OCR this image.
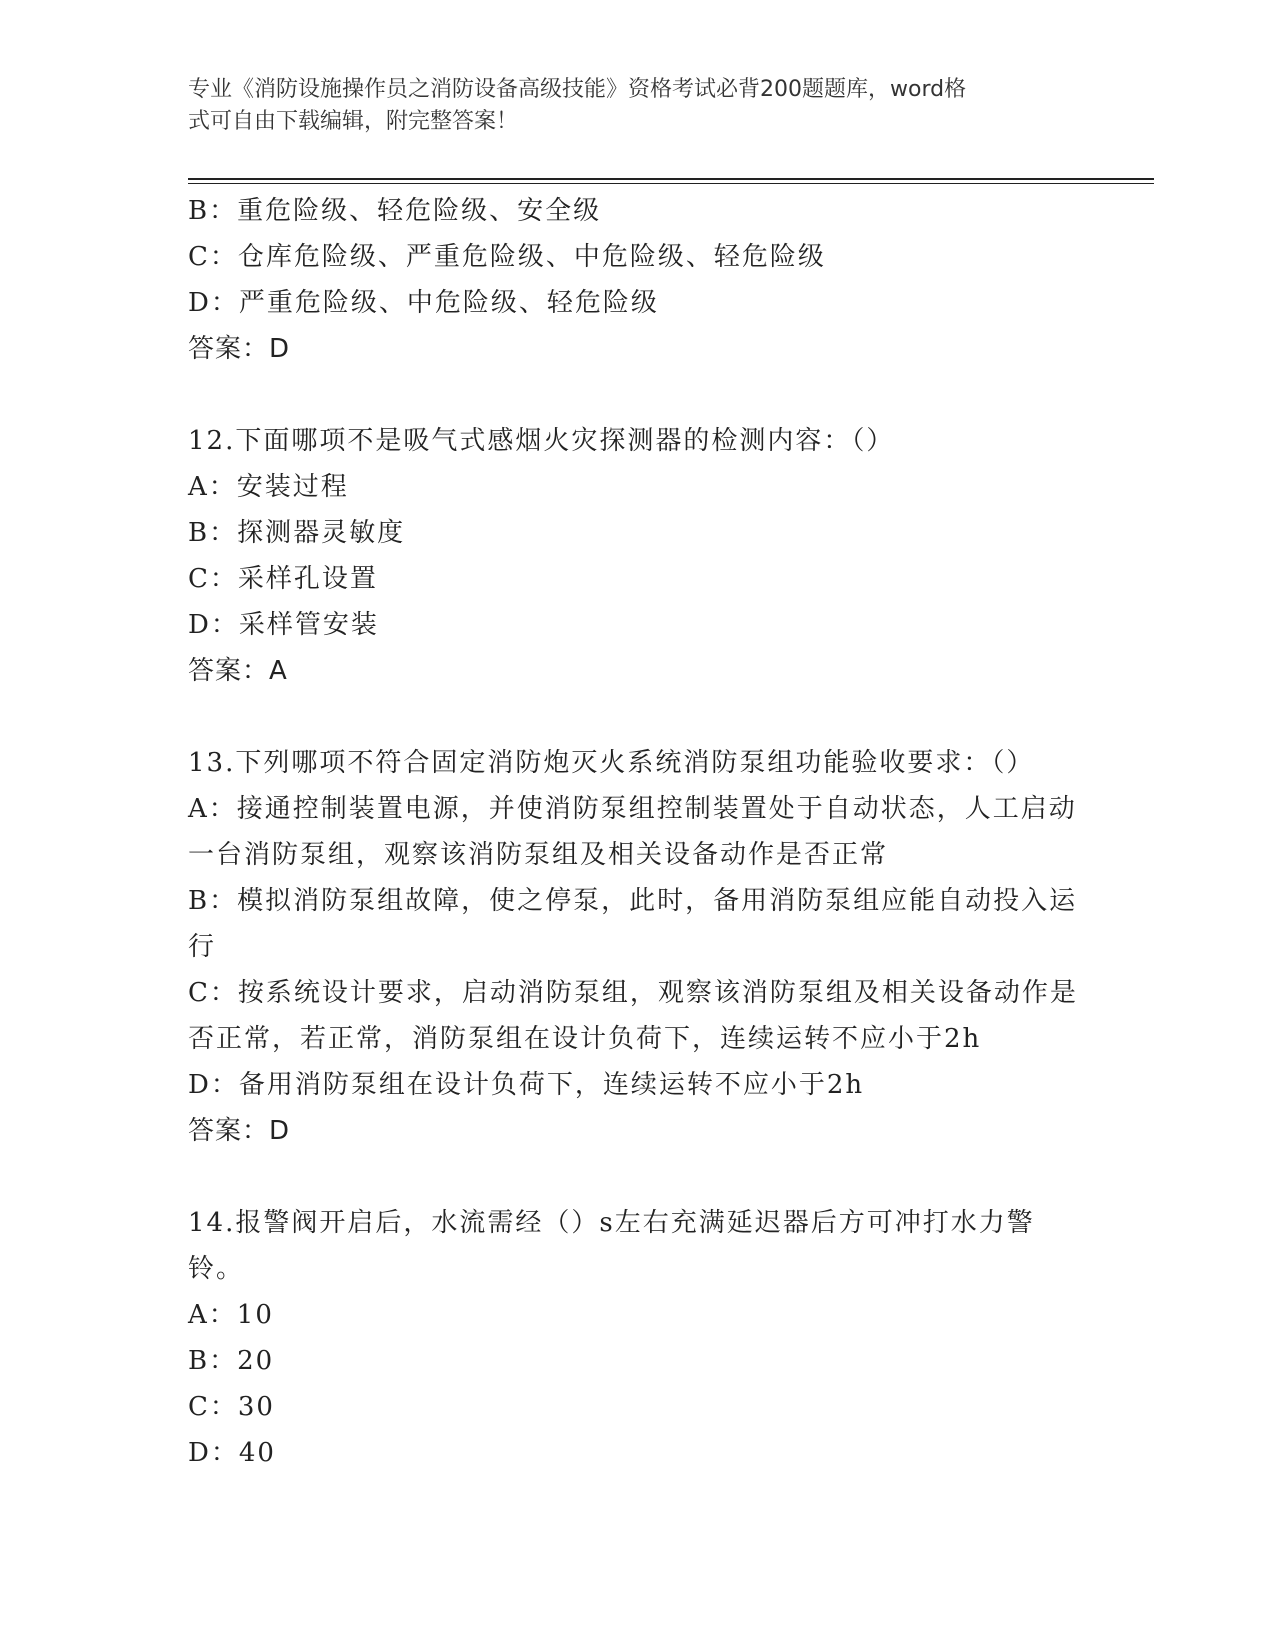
专业《消防设施操作员之消防设备高级技能》资格考试必背200题题库，word格
式可自由下载编辑，附完整答案！
B：重危险级、轻危险级、安全级
C：仓库危险级、严重危险级、中危险级、轻危险级
D：严重危险级、中危险级、轻危险级
答案：D
12.下面哪项不是吸气式感烟火灾探测器的检测内容：（）
A：安装过程
B：探测器灵敏度
C：采样孔设置
D：采样管安装
答案：A
13.下列哪项不符合固定消防炮灭火系统消防泵组功能验收要求：（）
A：接通控制装置电源，并使消防泵组控制装置处于自动状态，人工启动一台消防泵组，观察该消防泵组及相关设备动作是否正常
B：模拟消防泵组故障，使之停泵，此时，备用消防泵组应能自动投入运行
C：按系统设计要求，启动消防泵组，观察该消防泵组及相关设备动作是否正常，若正常，消防泵组在设计负荷下，连续运转不应小于2h
D：备用消防泵组在设计负荷下，连续运转不应小于2h
答案：D
14.报警阀开启后，水流需经（）s左右充满延迟器后方可冲打水力警铃。
A：10
B：20
C：30
D：40
